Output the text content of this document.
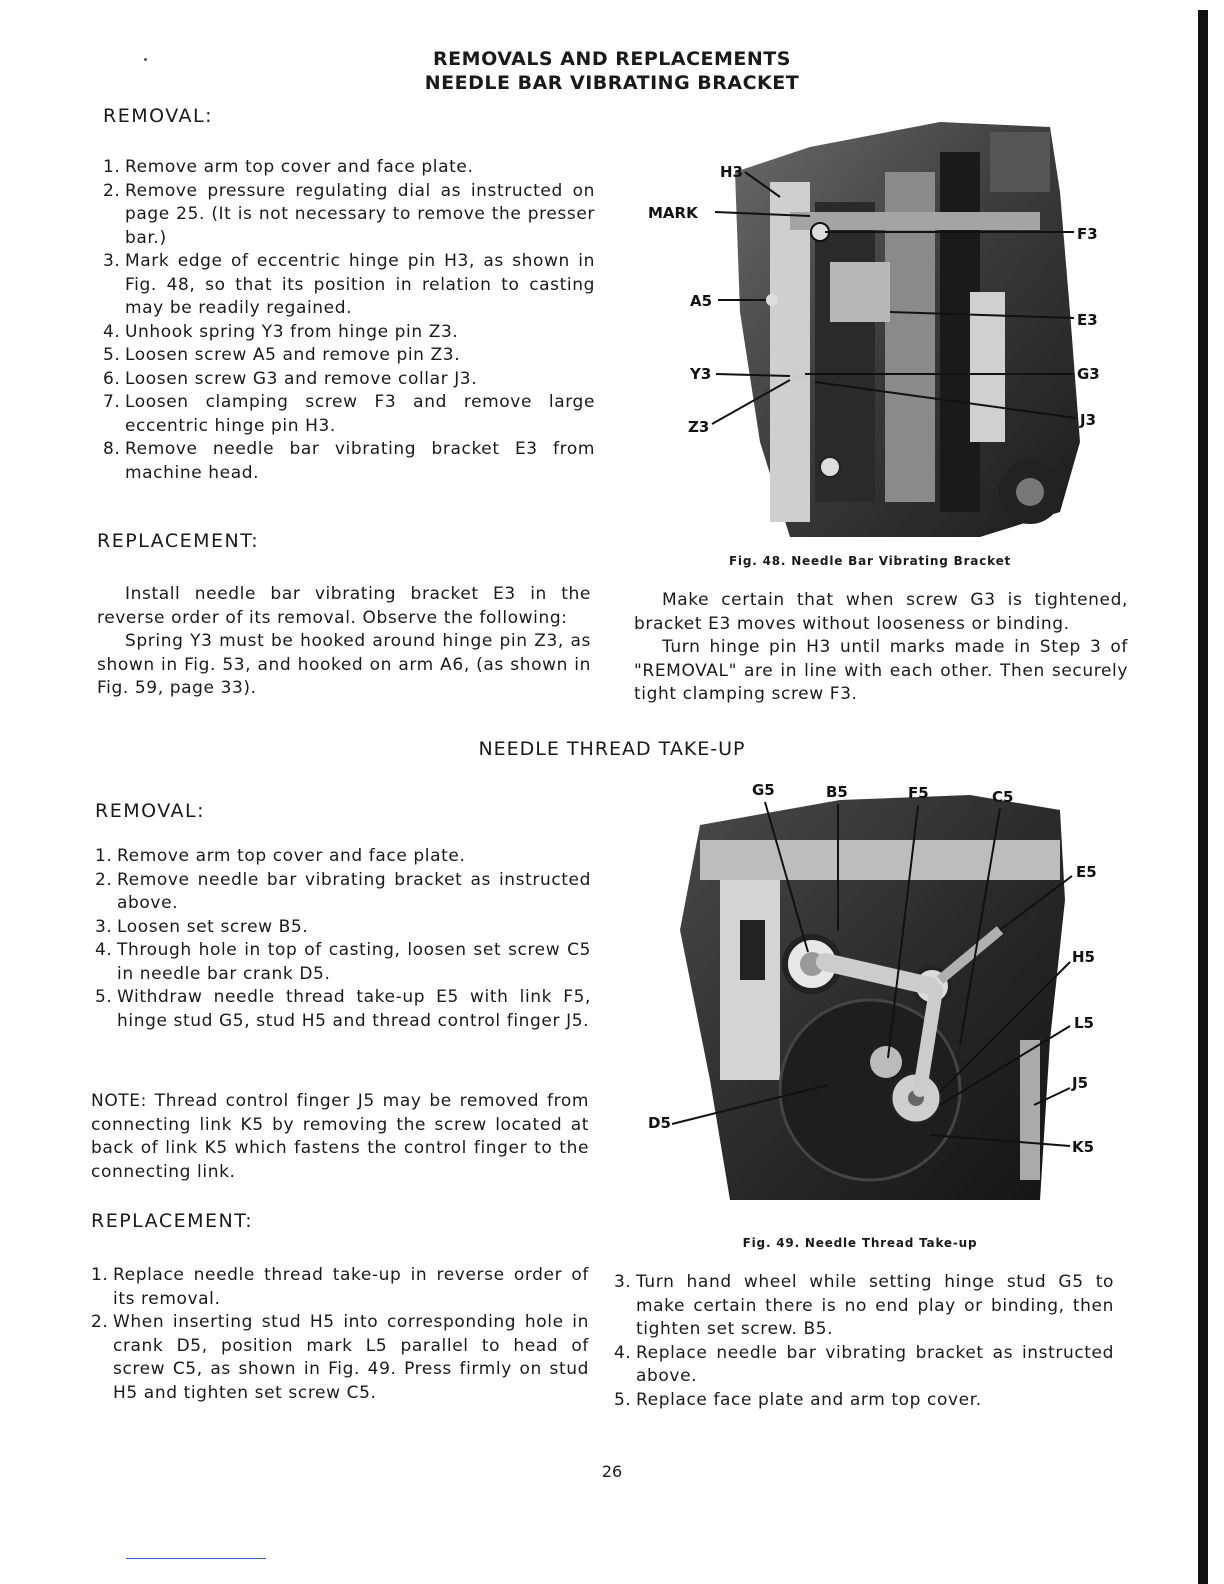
REMOVALS AND REPLACEMENTS
NEEDLE BAR VIBRATING BRACKET
REMOVAL:
1. Remove arm top cover and face plate.
2. Remove pressure regulating dial as instructed on page 25. (It is not necessary to remove the presser bar.)
3. Mark edge of eccentric hinge pin H3, as shown in Fig. 48, so that its position in relation to casting may be readily regained.
4. Unhook spring Y3 from hinge pin Z3.
5. Loosen screw A5 and remove pin Z3.
6. Loosen screw G3 and remove collar J3.
7. Loosen clamping screw F3 and remove large eccentric hinge pin H3.
8. Remove needle bar vibrating bracket E3 from machine head.
H3
MARK
F3
A5
E3
Y3	G3
Z3	J3
Fig. 48. Needle Bar Vibrating Bracket
REPLACEMENT:

Install needle bar vibrating bracket E3 in the reverse order of its removal. Observe the following:

Spring Y3 must be hooked around hinge pin Z3, as shown in Fig. 53, and hooked on arm A6, (as shown in Fig. 59, page 33).

Make certain that when screw G3 is tightened, bracket E3 moves without looseness or binding.

Turn hinge pin H3 until marks made in Step 3 of "REMOVAL" are in line with each other. Then securely tight clamping screw F3.

NEEDLE THREAD TAKE-UP
REMOVAL:
1. Remove arm top cover and face plate.
2. Remove needle bar vibrating bracket as instructed above.
3. Loosen set screw B5.
4. Through hole in top of casting, loosen set screw C5 in needle bar crank D5.
5. Withdraw needle thread take-up E5 with link F5, hinge stud G5, stud H5 and thread control finger J5.

NOTE: Thread control finger J5 may be removed from connecting link K5 by removing the screw located at back of link K5 which fastens the control finger to the connecting link.

REPLACEMENT:
1. Replace needle thread take-up in reverse order of its removal.
2. When inserting stud H5 into corresponding hole in crank D5, position mark L5 parallel to head of screw C5, as shown in Fig. 49. Press firmly on stud H5 and tighten set screw C5.
3. Turn hand wheel while setting hinge stud G5 to make certain there is no end play or binding, then tighten set screw. B5.
4. Replace needle bar vibrating bracket as instructed above.
5. Replace face plate and arm top cover.
G5	B5	F5	C5
E5
H5
L5
J5
D5
K5
Fig. 49. Needle Thread Take-up
26
